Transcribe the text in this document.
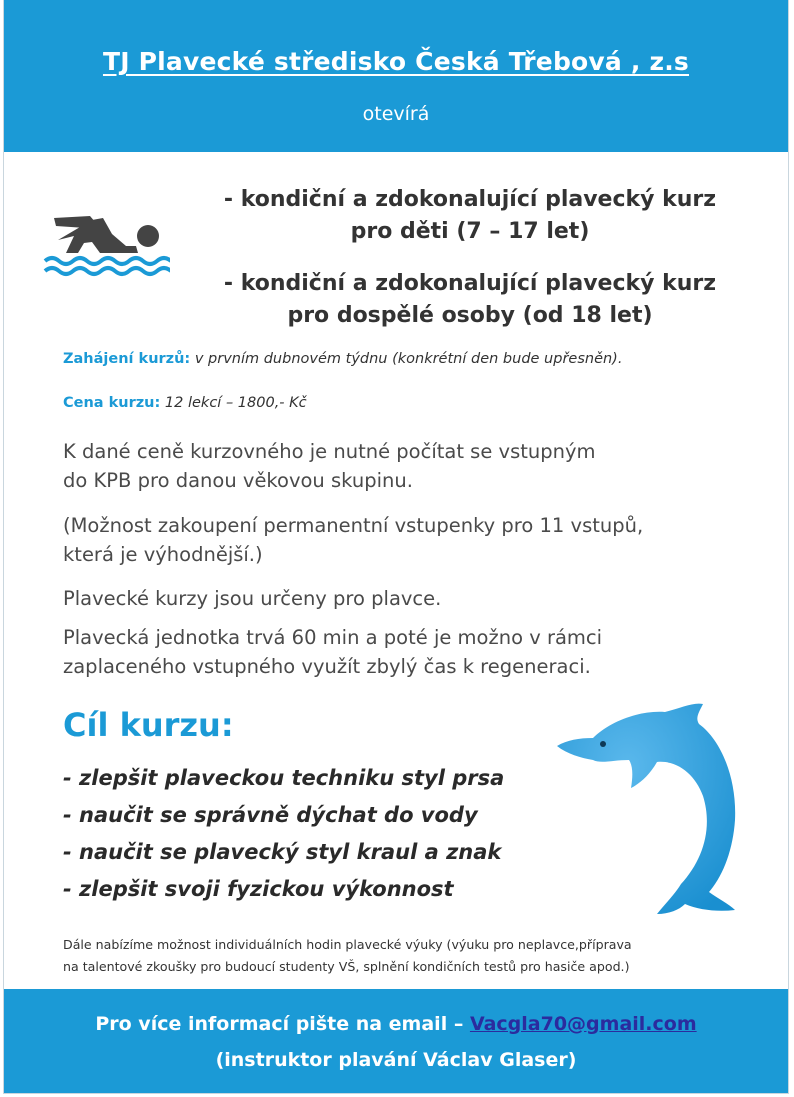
TJ Plavecké středisko Česká Třebová , z.s
otevírá
- kondiční a zdokonalující plavecký kurz
pro děti (7 – 17 let)
- kondiční a zdokonalující plavecký kurz
pro dospělé osoby (od 18 let)
Zahájení kurzů: v prvním dubnovém týdnu (konkrétní den bude upřesněn).
Cena kurzu: 12 lekcí – 1800,- Kč
K dané ceně kurzovného je nutné počítat se vstupným
do KPB pro danou věkovou skupinu.
(Možnost zakoupení permanentní vstupenky pro 11 vstupů,
která je výhodnější.)
Plavecké kurzy jsou určeny pro plavce.
Plavecká jednotka trvá 60 min a poté je možno v rámci
zaplaceného vstupného využít zbylý čas k regeneraci.
Cíl kurzu:
- zlepšit plaveckou techniku styl prsa
- naučit se správně dýchat do vody
- naučit se plavecký styl kraul a znak
- zlepšit svoji fyzickou výkonnost
Dále nabízíme možnost individuálních hodin plavecké výuky (výuku pro neplavce,příprava
na talentové zkoušky pro budoucí studenty VŠ, splnění kondičních testů pro hasiče apod.)
Pro více informací pište na email – Vacgla70@gmail.com
(instruktor plavání Václav Glaser)
